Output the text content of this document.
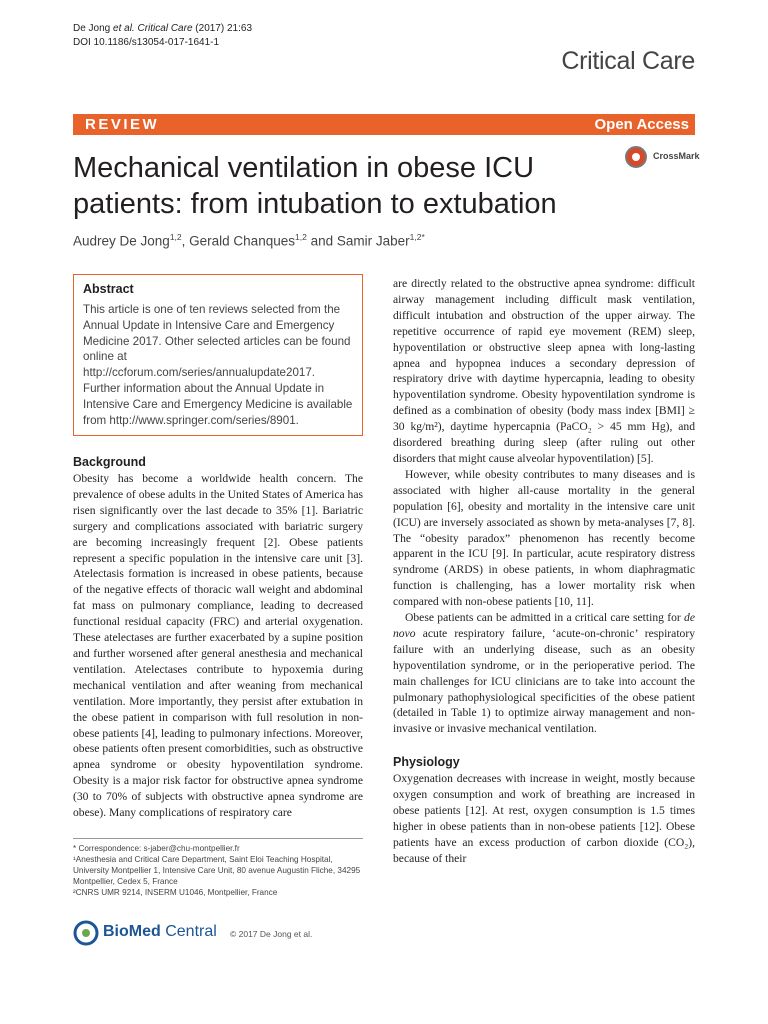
De Jong et al. Critical Care (2017) 21:63
DOI 10.1186/s13054-017-1641-1
Critical Care
REVIEW	Open Access
Mechanical ventilation in obese ICU
patients: from intubation to extubation
CrossMark
Audrey De Jong$^{1,2}$, Gerald Chanques$^{1,2}$ and Samir Jaber$^{1,2*}$
Abstract
This article is one of ten reviews selected from the Annual Update in Intensive Care and Emergency Medicine 2017. Other selected articles can be found online at http://ccforum.com/series/annualupdate2017. Further information about the Annual Update in Intensive Care and Emergency Medicine is available from http://www.springer.com/series/8901.
Background

Obesity has become a worldwide health concern. The prevalence of obese adults in the United States of America has risen significantly over the last decade to 35% [1]. Bariatric surgery and complications associated with bariatric surgery are becoming increasingly frequent [2]. Obese patients represent a specific population in the intensive care unit [3]. Atelectasis formation is increased in obese patients, because of the negative effects of thoracic wall weight and abdominal fat mass on pulmonary compliance, leading to decreased functional residual capacity (FRC) and arterial oxygenation. These atelectases are further exacerbated by a supine position and further worsened after general anesthesia and mechanical ventilation. Atelectases contribute to hypoxemia during mechanical ventilation and after weaning from mechanical ventilation. More importantly, they persist after extubation in the obese patient in comparison with full resolution in non-obese patients [4], leading to pulmonary infections. Moreover, obese patients often present comorbidities, such as obstructive apnea syndrome or obesity hypoventilation syndrome. Obesity is a major risk factor for obstructive apnea syndrome (30 to 70% of subjects with obstructive apnea syndrome are obese). Many complications of respiratory care

are directly related to the obstructive apnea syndrome: difficult airway management including difficult mask ventilation, difficult intubation and obstruction of the upper airway. The repetitive occurrence of rapid eye movement (REM) sleep, hypoventilation or obstructive sleep apnea with long-lasting apnea and hypopnea induces a secondary depression of respiratory drive with daytime hypercapnia, leading to obesity hypoventilation syndrome. Obesity hypoventilation syndrome is defined as a combination of obesity (body mass index [BMI] ≥ 30 kg/m²), daytime hypercapnia (PaCO₂ > 45 mm Hg), and disordered breathing during sleep (after ruling out other disorders that might cause alveolar hypoventilation) [5].

However, while obesity contributes to many diseases and is associated with higher all-cause mortality in the general population [6], obesity and mortality in the intensive care unit (ICU) are inversely associated as shown by meta-analyses [7, 8]. The “obesity paradox” phenomenon has recently become apparent in the ICU [9]. In particular, acute respiratory distress syndrome (ARDS) in obese patients, in whom diaphragmatic function is challenging, has a lower mortality risk when compared with non-obese patients [10, 11].

Obese patients can be admitted in a critical care setting for de novo acute respiratory failure, ‘acute-on-chronic’ respiratory failure with an underlying disease, such as an obesity hypoventilation syndrome, or in the perioperative period. The main challenges for ICU clinicians are to take into account the pulmonary pathophysiological specificities of the obese patient (detailed in Table 1) to optimize airway management and non-invasive or invasive mechanical ventilation.

Physiology

Oxygenation decreases with increase in weight, mostly because oxygen consumption and work of breathing are increased in obese patients [12]. At rest, oxygen consumption is 1.5 times higher in obese patients than in non-obese patients [12]. Obese patients have an excess production of carbon dioxide (CO₂), because of their

* Correspondence: s-jaber@chu-montpellier.fr
¹Anesthesia and Critical Care Department, Saint Eloi Teaching Hospital, University Montpellier 1, Intensive Care Unit, 80 avenue Augustin Fliche, 34295 Montpellier, Cedex 5, France
²CNRS UMR 9214, INSERM U1046, Montpellier, France
BioMed Central © 2017 De Jong et al.
